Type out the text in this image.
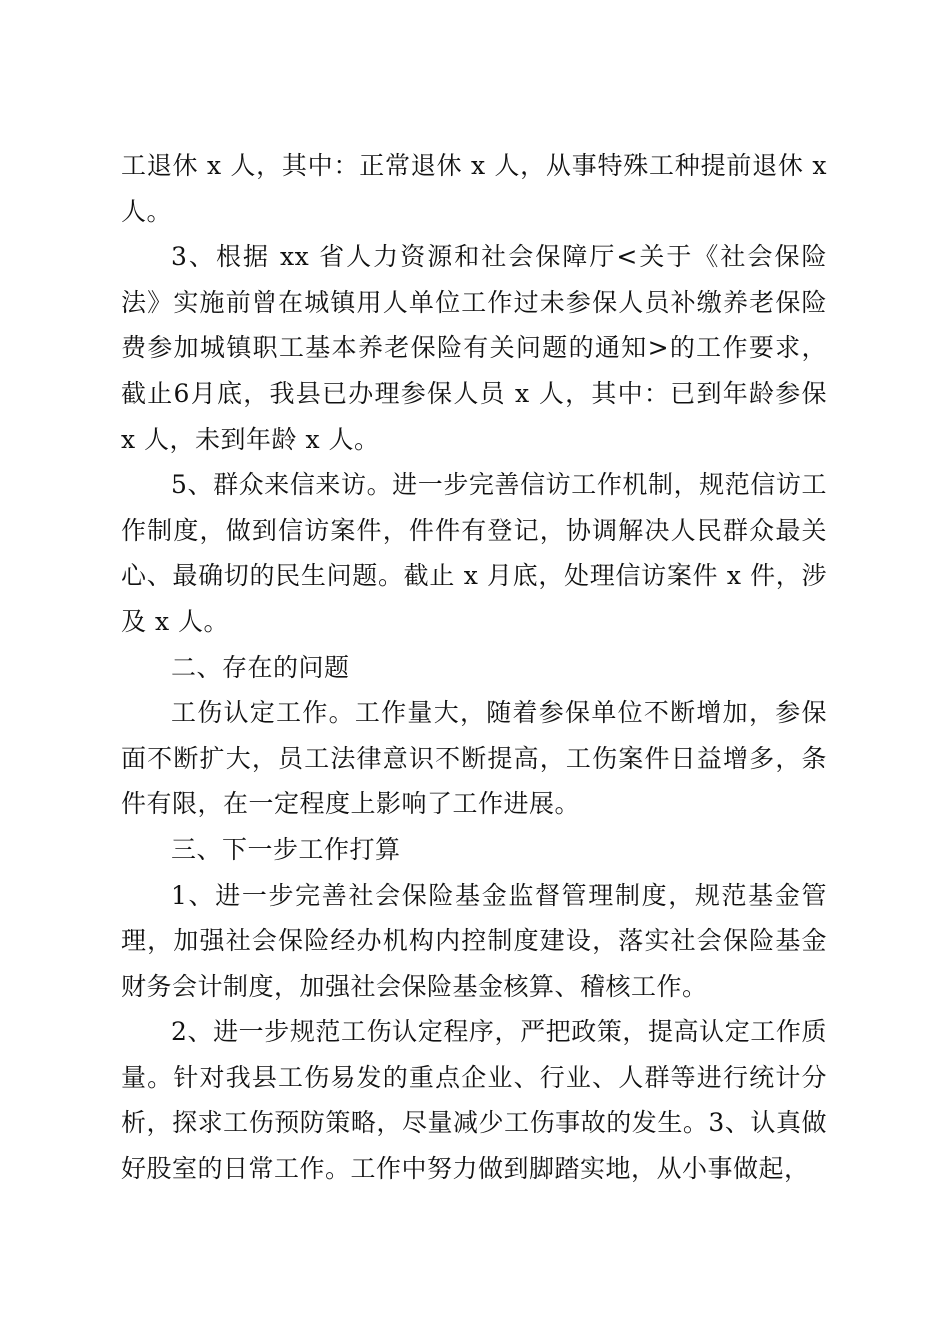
工退休 x 人，其中：正常退休 x 人，从事特殊工种提前退休 x 人。

3、根据 xx 省人力资源和社会保障厅<关于《社会保险法》实施前曾在城镇用人单位工作过未参保人员补缴养老保险费参加城镇职工基本养老保险有关问题的通知>的工作要求，截止6月底，我县已办理参保人员 x 人，其中：已到年龄参保 x 人，未到年龄 x 人。

5、群众来信来访。进一步完善信访工作机制，规范信访工作制度，做到信访案件，件件有登记，协调解决人民群众最关心、最确切的民生问题。截止 x 月底，处理信访案件 x 件，涉及 x 人。

二、存在的问题

工伤认定工作。工作量大，随着参保单位不断增加，参保面不断扩大，员工法律意识不断提高，工伤案件日益增多，条件有限，在一定程度上影响了工作进展。

三、下一步工作打算

1、进一步完善社会保险基金监督管理制度，规范基金管理，加强社会保险经办机构内控制度建设，落实社会保险基金财务会计制度，加强社会保险基金核算、稽核工作。

2、进一步规范工伤认定程序，严把政策，提高认定工作质量。针对我县工伤易发的重点企业、行业、人群等进行统计分析，探求工伤预防策略，尽量减少工伤事故的发生。3、认真做好股室的日常工作。工作中努力做到脚踏实地，从小事做起，
